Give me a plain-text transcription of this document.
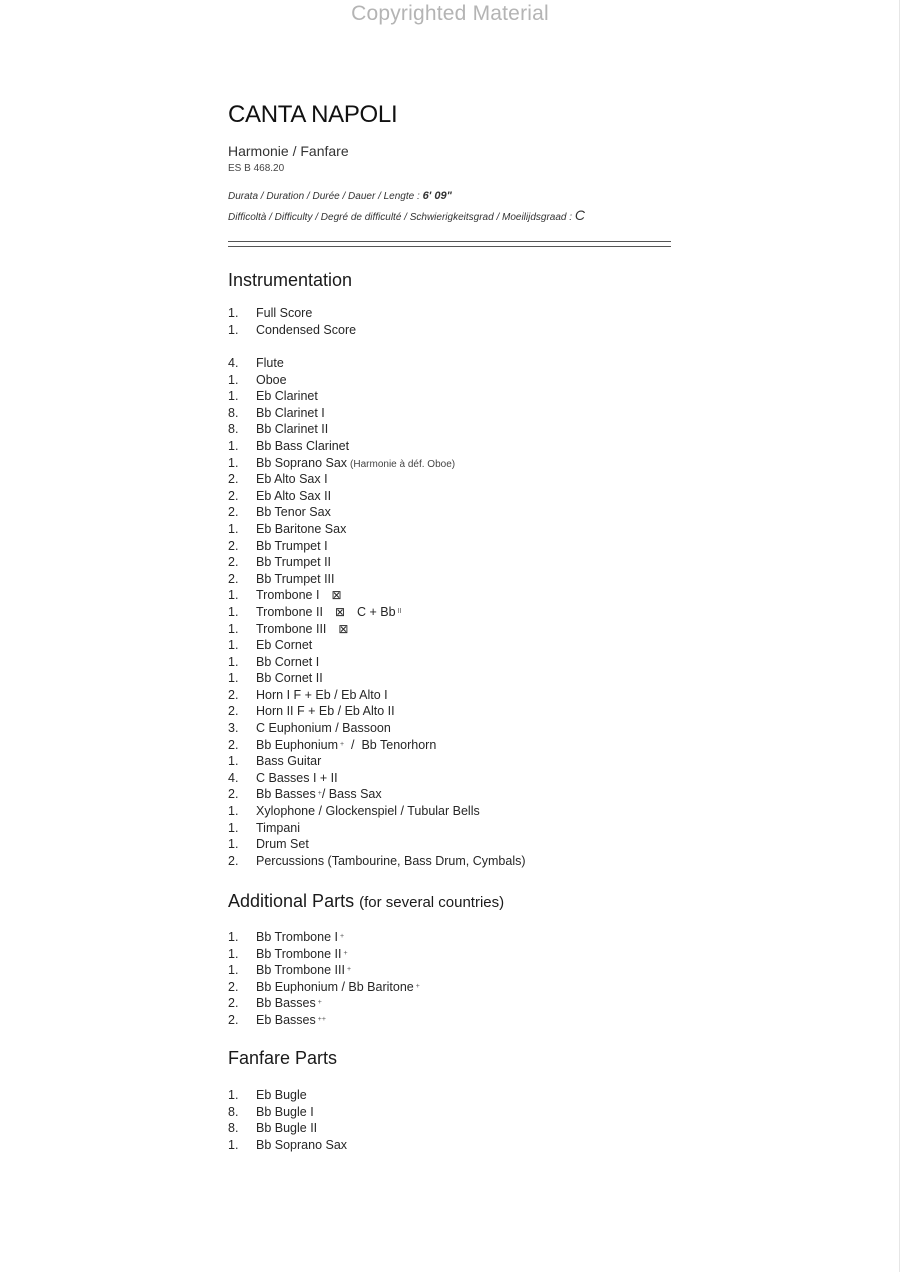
Copyrighted Material
CANTA NAPOLI
Harmonie / Fanfare
ES B 468.20
Durata / Duration / Durée / Dauer / Lengte : 6' 09"
Difficoltà / Difficulty / Degré de difficulté / Schwierigkeitsgrad / Moeilijdsgraad : C
Instrumentation
1. Full Score
1. Condensed Score
4. Flute
1. Oboe
1. Eb Clarinet
8. Bb Clarinet I
8. Bb Clarinet II
1. Bb Bass Clarinet
1. Bb Soprano Sax (Harmonie à déf. Oboe)
2. Eb Alto Sax I
2. Eb Alto Sax II
2. Bb Tenor Sax
1. Eb Baritone Sax
2. Bb Trumpet I
2. Bb Trumpet II
2. Bb Trumpet III
1. Trombone I ⊠
1. Trombone II ⊠ C + Bb $^{II}$
1. Trombone III ⊠
1. Eb Cornet
1. Bb Cornet I
1. Bb Cornet II
2. Horn I F + Eb / Eb Alto I
2. Horn II F + Eb / Eb Alto II
3. C Euphonium / Bassoon
2. Bb Euphonium +  /  Bb Tenorhorn
1. Bass Guitar
4. C Basses I + II
2. Bb Basses +/ Bass Sax
1. Xylophone / Glockenspiel / Tubular Bells
1. Timpani
1. Drum Set
2. Percussions (Tambourine, Bass Drum, Cymbals)
Additional Parts (for several countries)
1. Bb Trombone I +
1. Bb Trombone II +
1. Bb Trombone III +
2. Bb Euphonium / Bb Baritone +
2. Bb Basses +
2. Eb Basses ++
Fanfare Parts
1. Eb Bugle
8. Bb Bugle I
8. Bb Bugle II
1. Bb Soprano Sax
